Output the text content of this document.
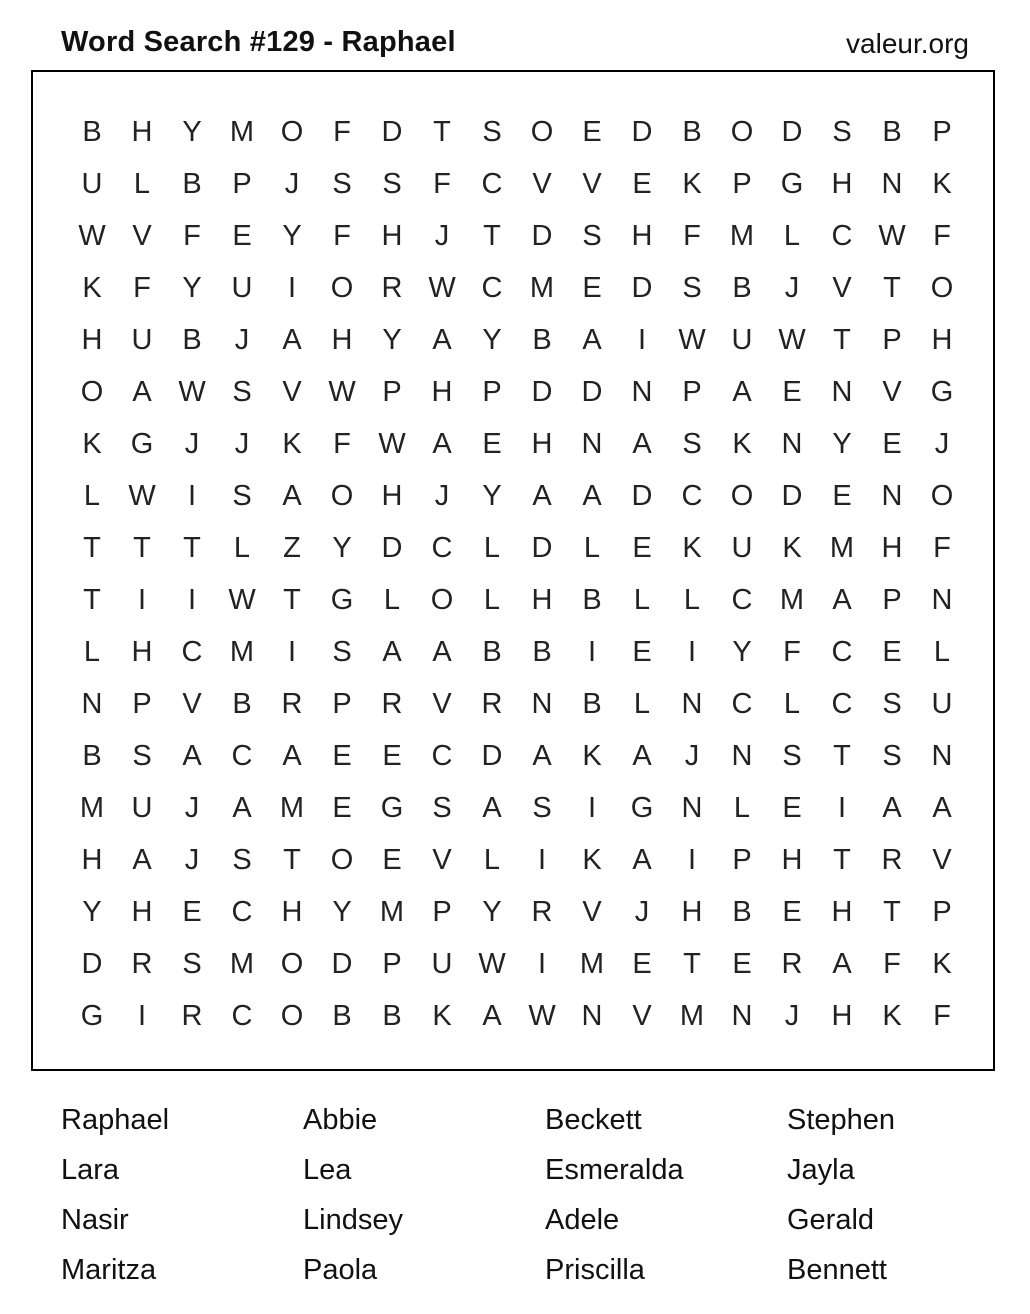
Word Search #129 - Raphael	valeur.org
B	H	Y M O	F	D	T	S	O	E	D	B	O D	S	B	P
U	L	B	P	J	S	S	F	C	V	V	E	K	P	G H	N	K
W V	F	E	Y	F	H	J	T	D	S	H	F	M	L	C W F
K	F	Y	U	I	O R W C M E	D	S	B	J	V	T	O
H	U	B	J	A	H	Y	A	Y	B	A	I	W U W T	P	H
O	A W S	V W P	H	P	D	D	N	P	A	E	N	V	G
K	G	J	J	K	F W A	E	H	N	A	S	K	N	Y	E	J
L W	I	S	A	O H	J	Y	A	A	D	C O D	E	N O
T	T	T	L	Z	Y	D	C	L	D	L	E	K	U	K M H	F
T	I	I	W T	G	L	O	L	H	B	L	L	C M A	P	N
L	H	C M	I	S	A	A	B	B	I	E	I	Y	F	C	E	L
N	P	V	B	R	P	R	V	R	N	B	L	N	C	L	C	S	U
B	S	A	C	A	E	E	C	D	A	K	A	J	N	S	T	S	N
M U	J	A M E	G	S	A	S	I	G N	L	E	I	A	A
H	A	J	S	T	O	E	V	L	I	K	A	I	P	H	T	R	V
Y	H	E	C	H	Y M P	Y	R	V	J	H	B	E	H	T	P
D	R	S M O D	P	U W	I	M E	T	E	R	A	F	K
G	I	R	C O	B	B	K	A W N	V M N	J	H	K	F
Raphael	Abbie	Beckett	Stephen
Lara	Lea	Esmeralda	Jayla
Nasir	Lindsey	Adele	Gerald
Maritza	Paola	Priscilla	Bennett
